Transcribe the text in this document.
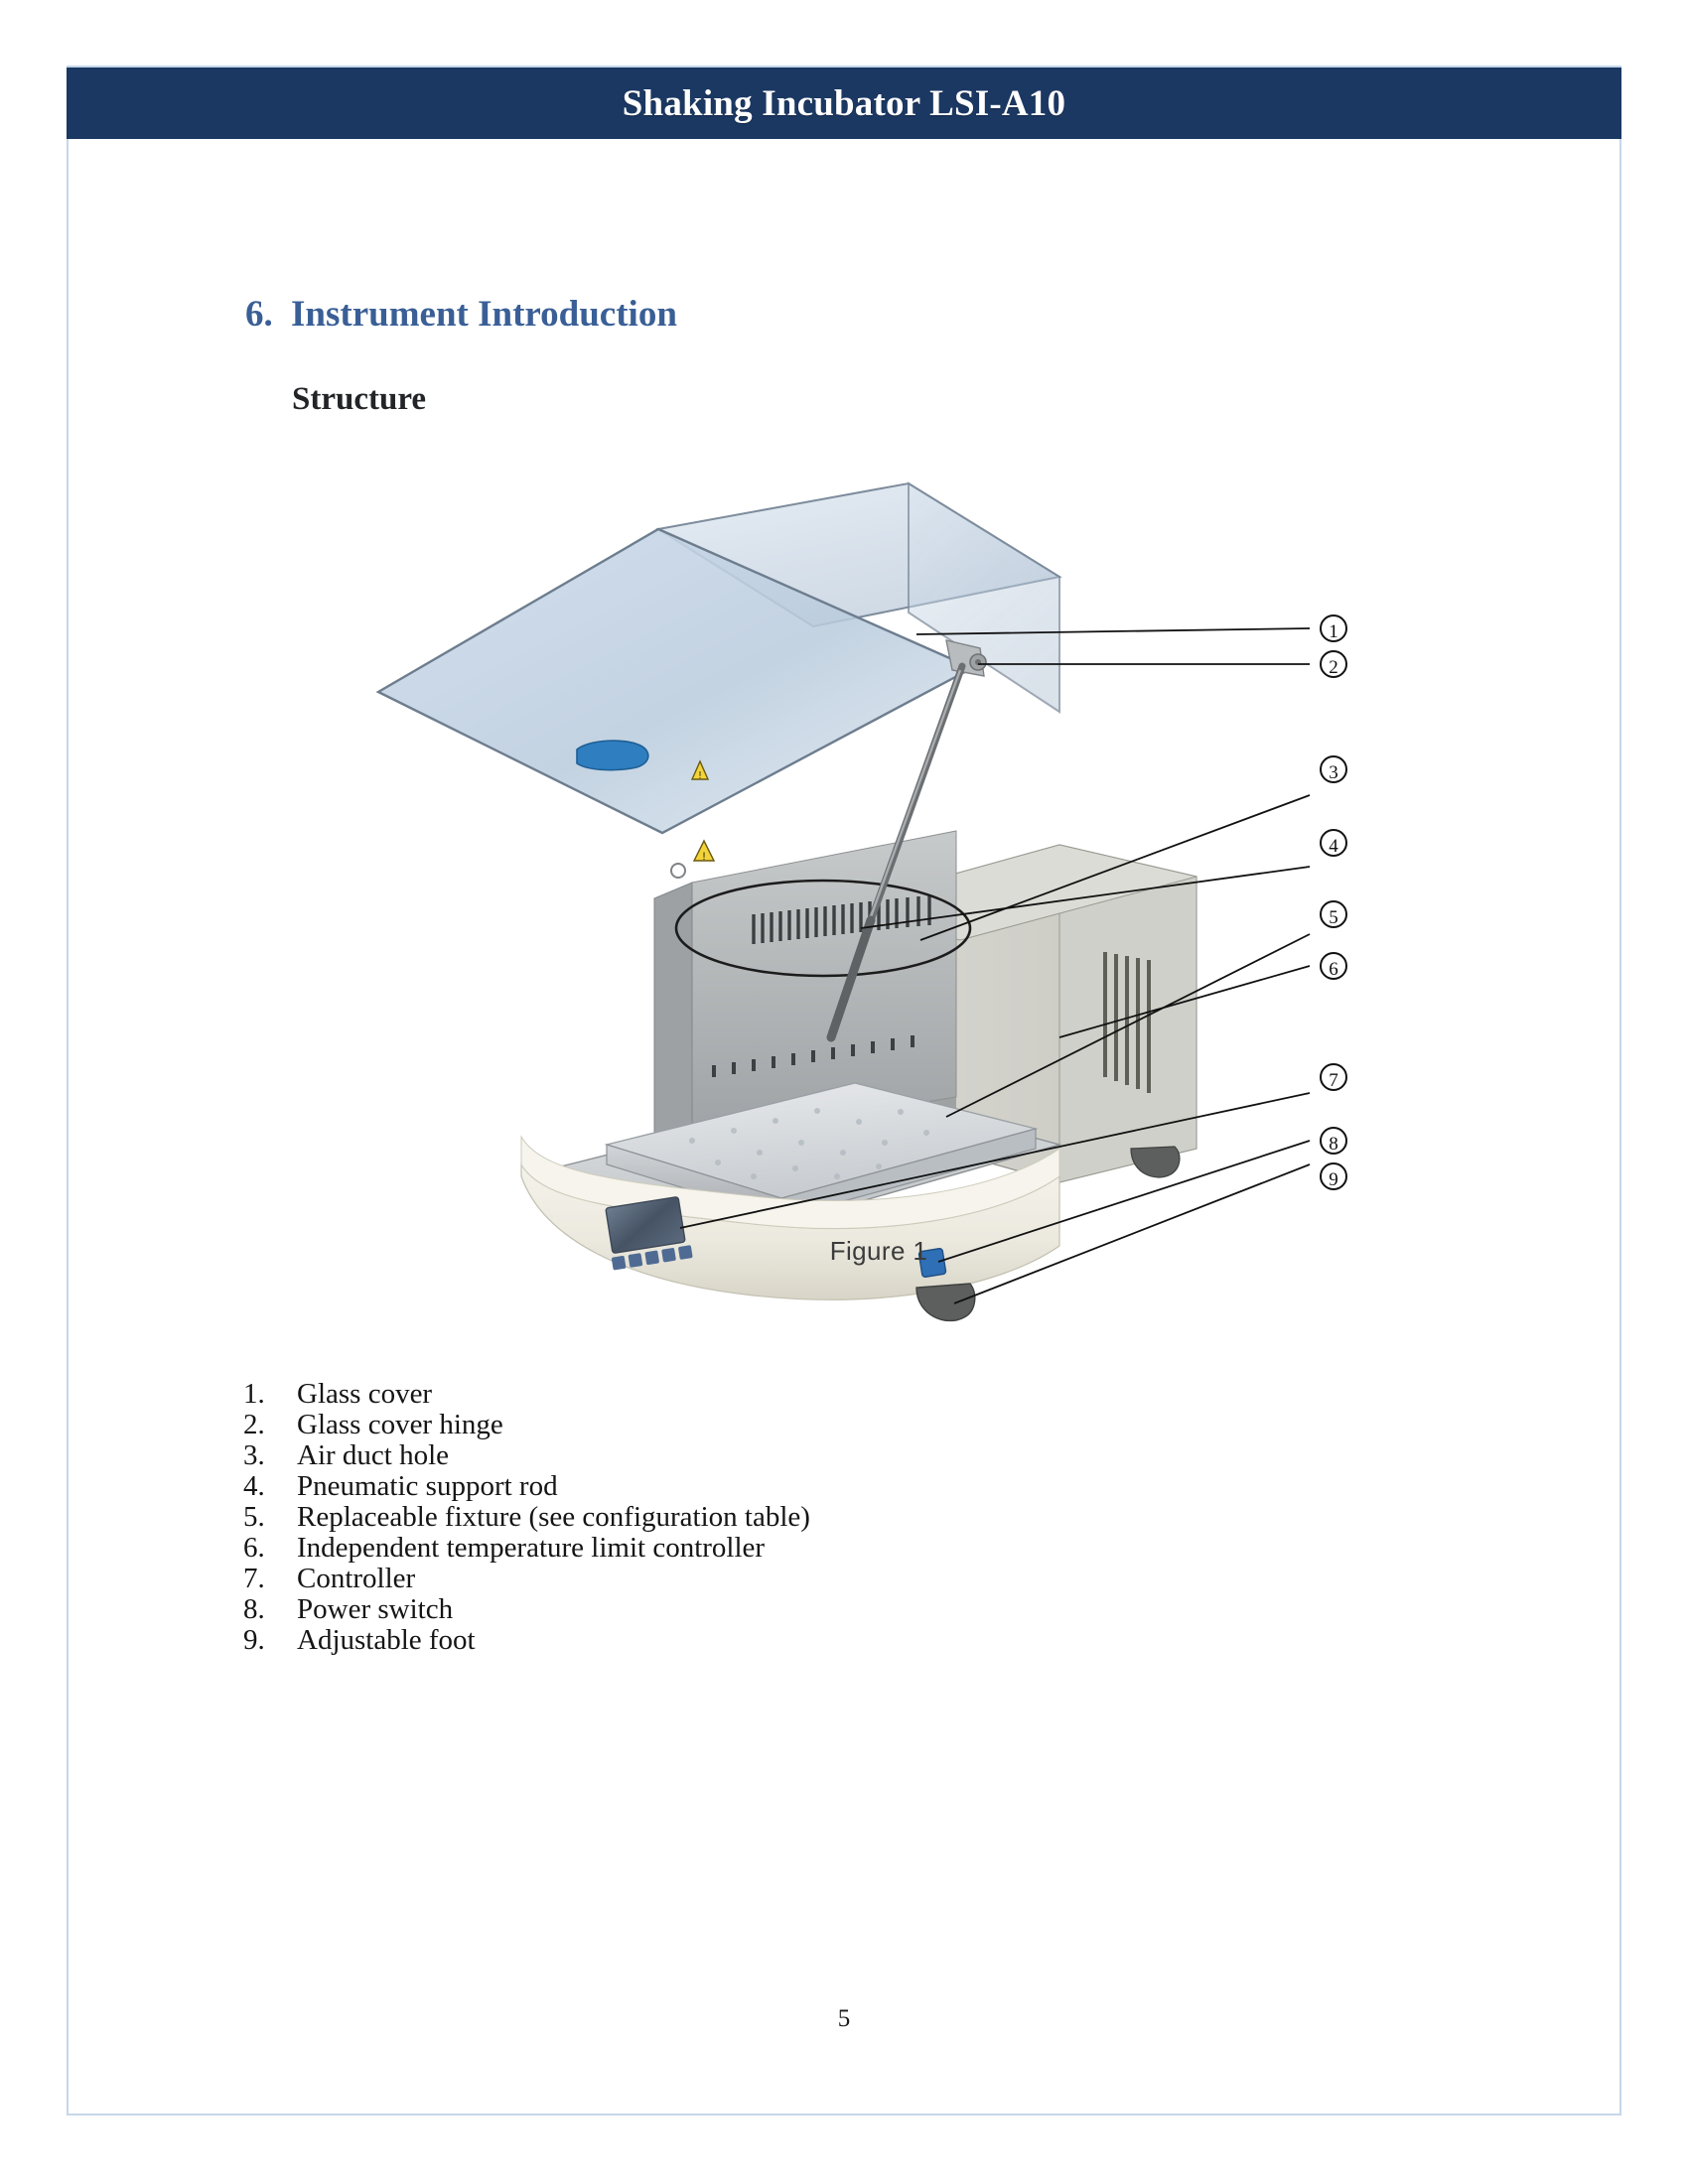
Shaking Incubator LSI-A10
6. Instrument Introduction
Structure
!
!
1
2
3
4
5
6
7
8
9
Figure 1
1.	Glass cover
2.	Glass cover hinge
3.	Air duct hole
4.	Pneumatic support rod
5.	Replaceable fixture (see configuration table)
6.	Independent temperature limit controller
7.	Controller
8.	Power switch
9.	Adjustable foot
5
